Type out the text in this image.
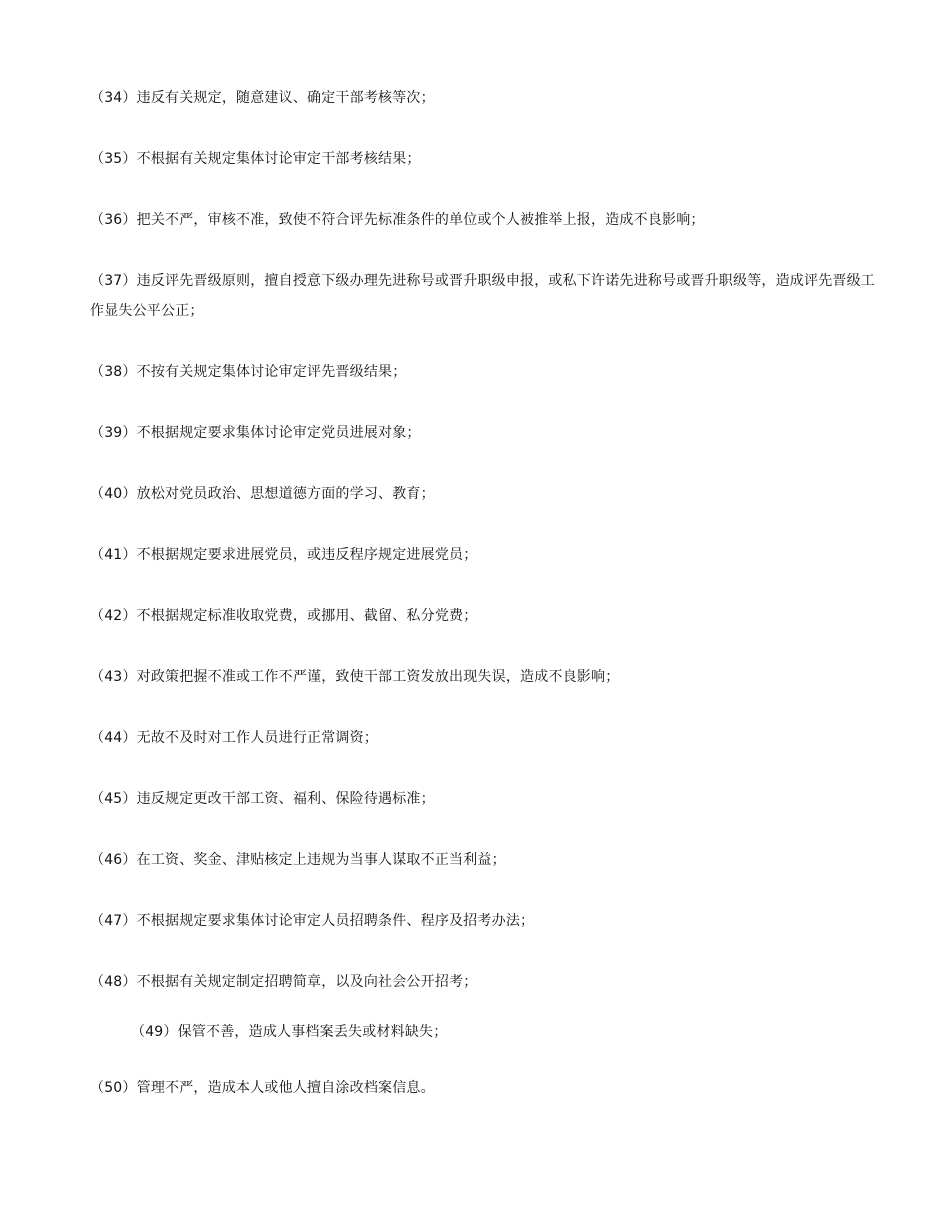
（34）违反有关规定，随意建议、确定干部考核等次；

（35）不根据有关规定集体讨论审定干部考核结果；

（36）把关不严，审核不准，致使不符合评先标准条件的单位或个人被推举上报，造成不良影响；

（37）违反评先晋级原则，擅自授意下级办理先进称号或晋升职级申报，或私下许诺先进称号或晋升职级等，造成评先晋级工作显失公平公正；

（38）不按有关规定集体讨论审定评先晋级结果；

（39）不根据规定要求集体讨论审定党员进展对象；

（40）放松对党员政治、思想道德方面的学习、教育；

（41）不根据规定要求进展党员，或违反程序规定进展党员；

（42）不根据规定标准收取党费，或挪用、截留、私分党费；

（43）对政策把握不准或工作不严谨，致使干部工资发放出现失误，造成不良影响；

（44）无故不及时对工作人员进行正常调资；

（45）违反规定更改干部工资、福利、保险待遇标准；

（46）在工资、奖金、津贴核定上违规为当事人谋取不正当利益；

（47）不根据规定要求集体讨论审定人员招聘条件、程序及招考办法；

（48）不根据有关规定制定招聘简章，以及向社会公开招考；

（49）保管不善，造成人事档案丢失或材料缺失；

（50）管理不严，造成本人或他人擅自涂改档案信息。
